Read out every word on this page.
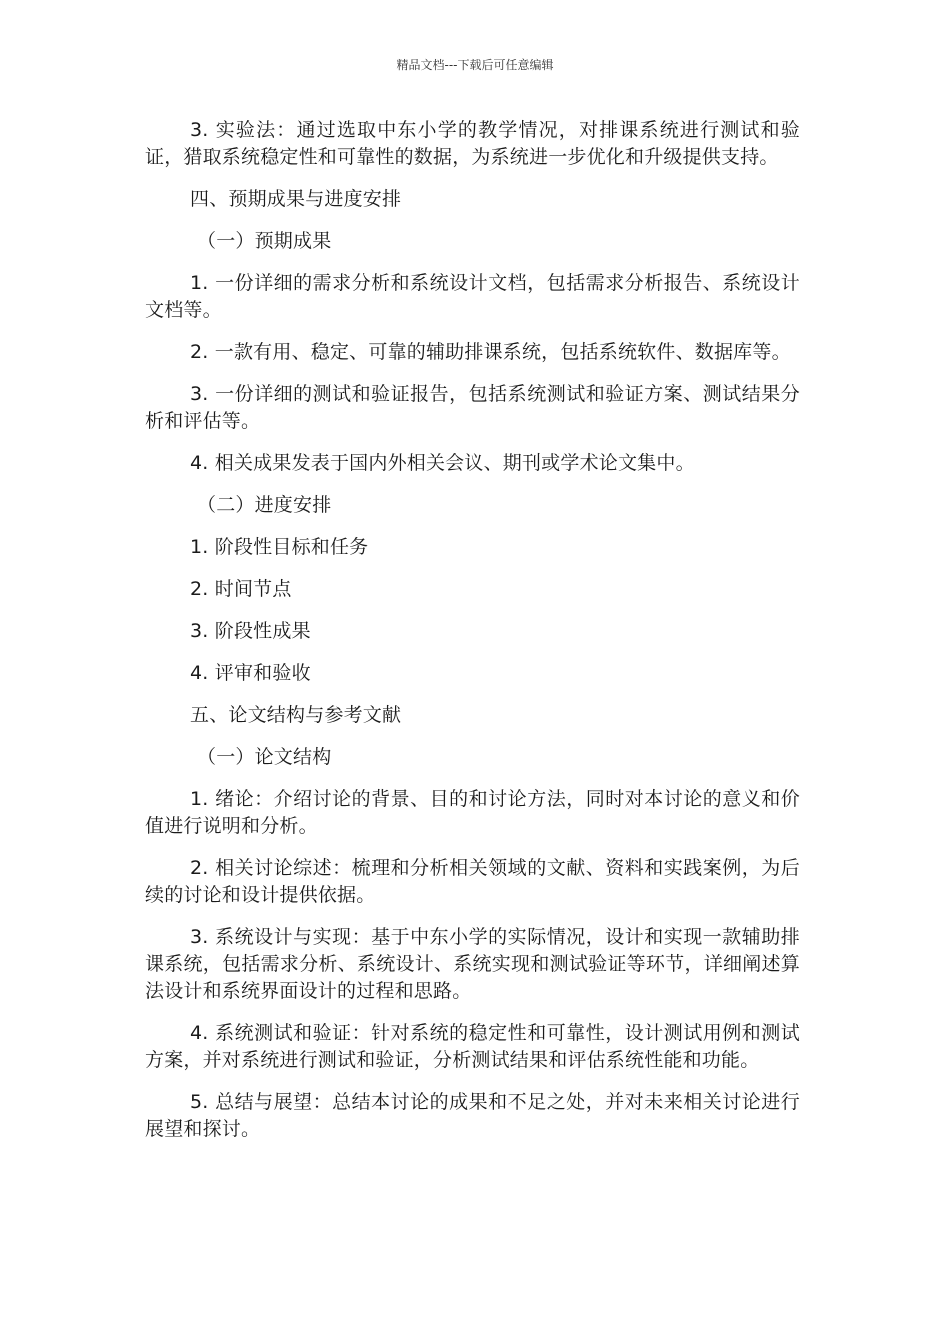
精品文档---下载后可任意编辑

3. 实验法：通过选取中东小学的教学情况，对排课系统进行测试和验证，猎取系统稳定性和可靠性的数据，为系统进一步优化和升级提供支持。

四、预期成果与进度安排

（一）预期成果

1. 一份详细的需求分析和系统设计文档，包括需求分析报告、系统设计文档等。

2. 一款有用、稳定、可靠的辅助排课系统，包括系统软件、数据库等。

3. 一份详细的测试和验证报告，包括系统测试和验证方案、测试结果分析和评估等。

4. 相关成果发表于国内外相关会议、期刊或学术论文集中。

（二）进度安排

1. 阶段性目标和任务

2. 时间节点

3. 阶段性成果

4. 评审和验收

五、论文结构与参考文献

（一）论文结构

1. 绪论：介绍讨论的背景、目的和讨论方法，同时对本讨论的意义和价值进行说明和分析。

2. 相关讨论综述：梳理和分析相关领域的文献、资料和实践案例，为后续的讨论和设计提供依据。

3. 系统设计与实现：基于中东小学的实际情况，设计和实现一款辅助排课系统，包括需求分析、系统设计、系统实现和测试验证等环节，详细阐述算法设计和系统界面设计的过程和思路。

4. 系统测试和验证：针对系统的稳定性和可靠性，设计测试用例和测试方案，并对系统进行测试和验证，分析测试结果和评估系统性能和功能。

5. 总结与展望：总结本讨论的成果和不足之处，并对未来相关讨论进行展望和探讨。
